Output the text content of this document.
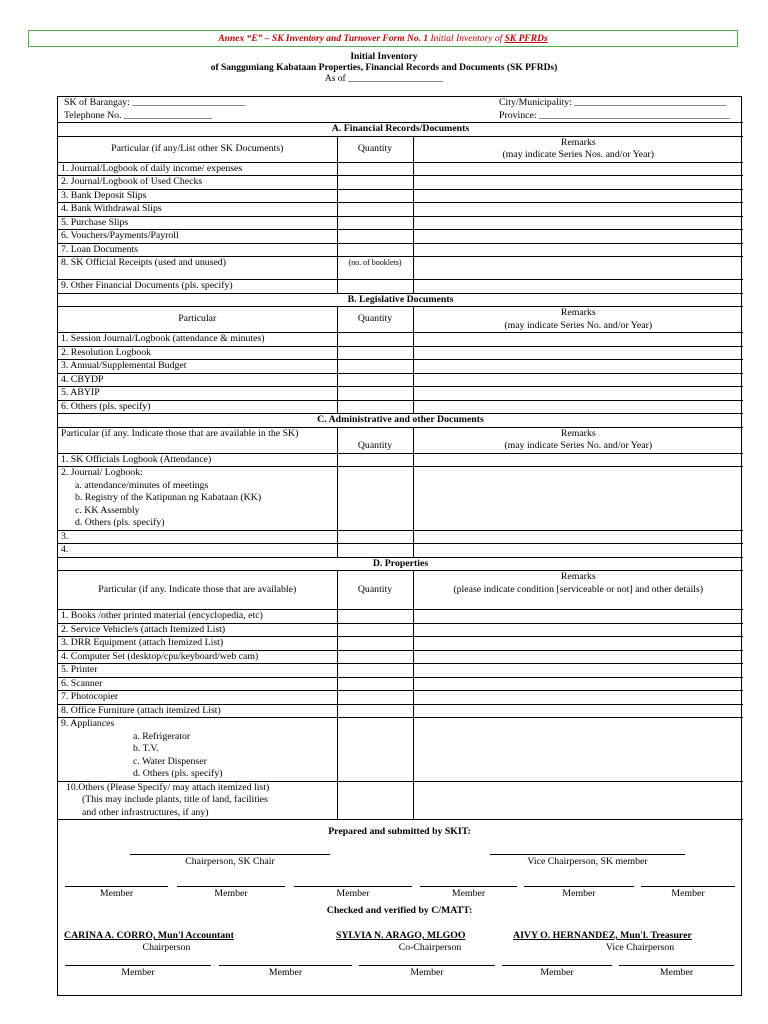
Annex “E” – SK Inventory and Turnover Form No. 1 Initial Inventory of SK PFRDs
Initial Inventory
of Sangguniang Kabataan Properties, Financial Records and Documents (SK PFRDs)
As of ____________________
SK of Barangay: _______________________ City/Municipality: _______________________________
Telephone No. __________________ Province: _______________________________________		

A. Financial Records/Documents		
Particular (if any/List other SK Documents)	Quantity	Remarks
(may indicate Series Nos. and/or Year)

1. Journal/Logbook of daily income/ expenses		
2. Journal/Logbook of Used Checks		
3. Bank Deposit Slips		
4. Bank Withdrawal Slips		
5. Purchase Slips		
6. Vouchers/Payments/Payroll		
7. Loan Documents		
8. SK Official Receipts (used and unused)	(no. of booklets)	
9. Other Financial Documents (pls. specify)		
B. Legislative Documents		
Particular	Quantity	Remarks
(may indicate Series No. and/or Year)

1. Session Journal/Logbook (attendance & minutes)		
2. Resolution Logbook		
3. Annual/Supplemental Budget		
4. CBYDP		
5. ABYIP		
6. Others (pls. specify)		
C. Administrative and other Documents		
Particular (if any. Indicate those that are available in the SK)	Quantity	Remarks
(may indicate Series No. and/or Year)

1. SK Officials Logbook (Attendance)		

2. Journal/ Logbook:
a. attendance/minutes of meetings
b. Registry of the Katipunan ng Kabataan (KK)
c. KK Assembly
d. Others (pls. specify)		

3.		
4.		
D. Properties		
Particular (if any. Indicate those that are available)	Quantity	Remarks
(please indicate condition [serviceable or not] and other details)

1. Books /other printed material (encyclopedia, etc)		
2. Service Vehicle/s (attach Itemized List)		
3. DRR Equipment (attach Itemized List)		
4. Computer Set (desktop/cpu/keyboard/web cam)		
5. Printer		
6. Scanner		
7. Photocopier		
8. Office Furniture (attach itemized List)		

9. Appliances
a. Refrigerator
b. T.V.
c. Water Dispenser
d. Others (pls. specify)		

10.Others (Please Specify/ may attach itemized list)
(This may include plants, title of land, facilities
and other infrastructures, if any)		

Prepared and submitted by SKIT:
Chairperson, SK Chair	Vice Chairperson, SK member
Member	Member	Member	Member	Member	Member
Checked and verified by C/MATT:
CARINA A. CORRO, Mun'l Accountant
Chairperson
SYLVIA N. ARAGO, MLGOO
Co-Chairperson
AIVY O. HERNANDEZ, Mun'l. Treasurer
Vice Chairperson
Member	Member	Member	Member	Member
